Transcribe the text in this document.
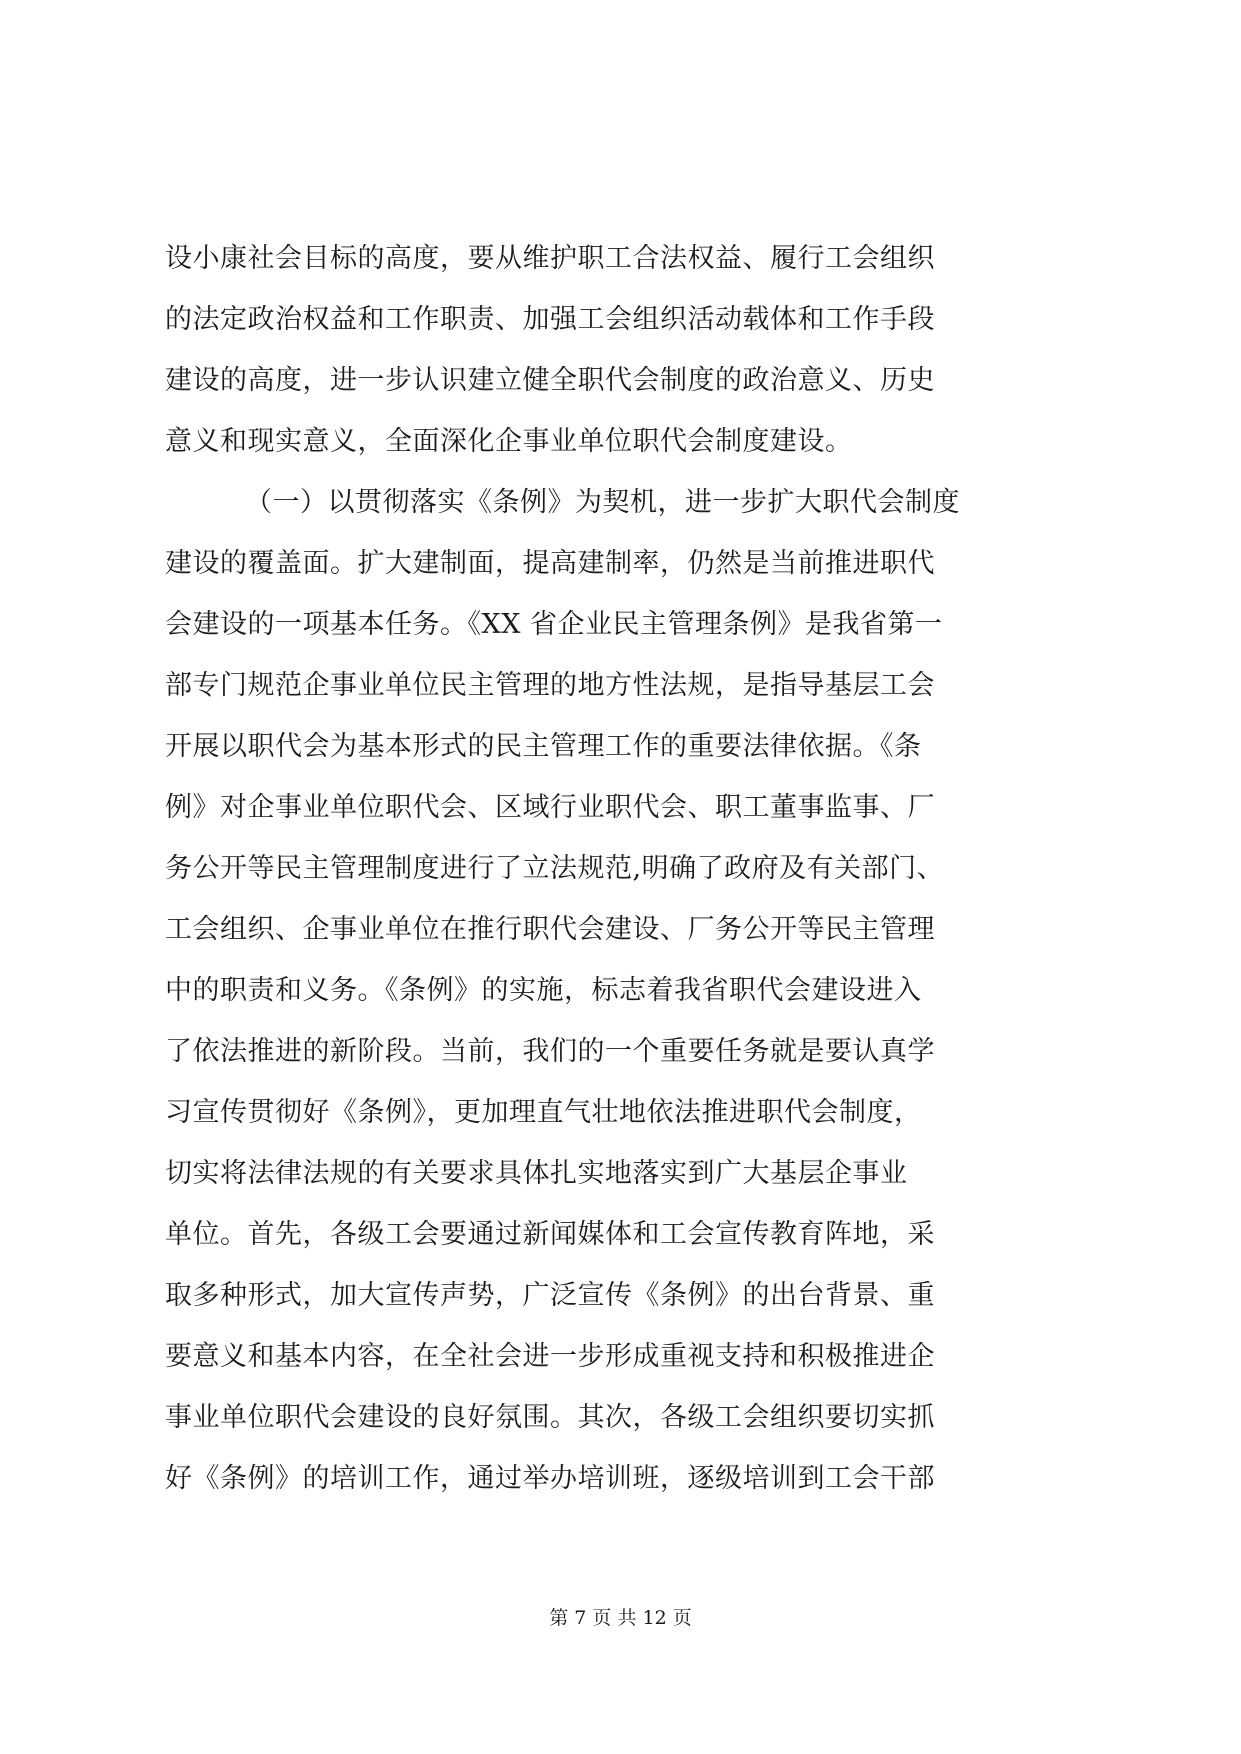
设小康社会目标的高度，要从维护职工合法权益、履行工会组织
的法定政治权益和工作职责、加强工会组织活动载体和工作手段
建设的高度，进一步认识建立健全职代会制度的政治意义、历史
意义和现实意义，全面深化企事业单位职代会制度建设。
（一）以贯彻落实《条例》为契机，进一步扩大职代会制度
建设的覆盖面。扩大建制面，提高建制率，仍然是当前推进职代
会建设的一项基本任务。《XX 省企业民主管理条例》是我省第一
部专门规范企事业单位民主管理的地方性法规，是指导基层工会
开展以职代会为基本形式的民主管理工作的重要法律依据。《条
例》对企事业单位职代会、区域行业职代会、职工董事监事、厂
务公开等民主管理制度进行了立法规范,明确了政府及有关部门、
工会组织、企事业单位在推行职代会建设、厂务公开等民主管理
中的职责和义务。《条例》的实施，标志着我省职代会建设进入
了依法推进的新阶段。当前，我们的一个重要任务就是要认真学
习宣传贯彻好《条例》，更加理直气壮地依法推进职代会制度，
切实将法律法规的有关要求具体扎实地落实到广大基层企事业
单位。首先，各级工会要通过新闻媒体和工会宣传教育阵地，采
取多种形式，加大宣传声势，广泛宣传《条例》的出台背景、重
要意义和基本内容，在全社会进一步形成重视支持和积极推进企
事业单位职代会建设的良好氛围。其次，各级工会组织要切实抓
好《条例》的培训工作，通过举办培训班，逐级培训到工会干部
第 7 页 共 12 页
